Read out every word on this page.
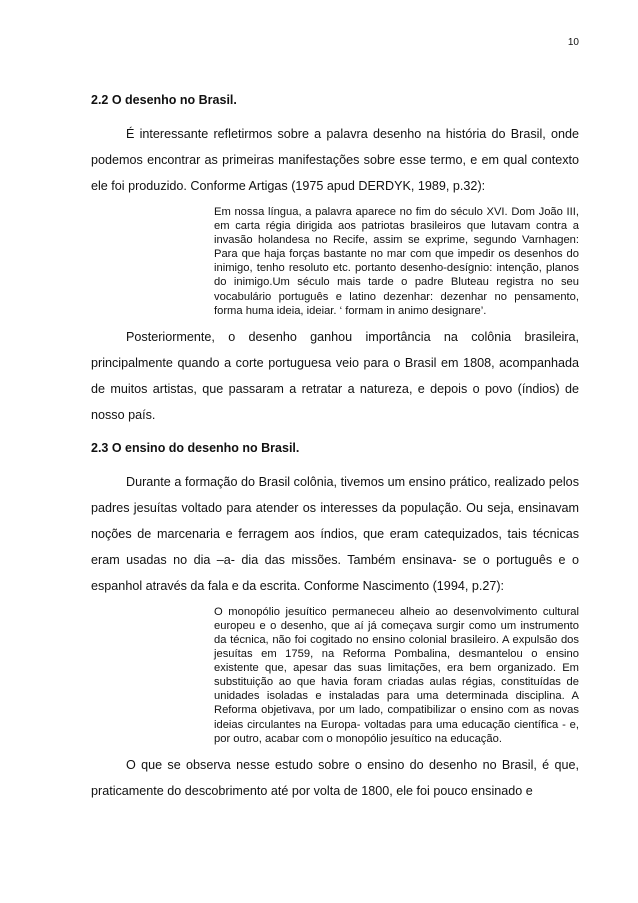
10
2.2 O desenho no Brasil.

É interessante refletirmos sobre a palavra desenho na história do Brasil, onde podemos encontrar as primeiras manifestações sobre esse termo, e em qual contexto ele foi produzido. Conforme Artigas (1975 apud DERDYK, 1989, p.32):

Em nossa língua, a palavra aparece no fim do século XVI. Dom João III, em carta régia dirigida aos patriotas brasileiros que lutavam contra a invasão holandesa no Recife, assim se exprime, segundo Varnhagen: Para que haja forças bastante no mar com que impedir os desenhos do inimigo, tenho resoluto etc. portanto desenho-desígnio: intenção, planos do inimigo.Um século mais tarde o padre Bluteau registra no seu vocabulário português e latino dezenhar: dezenhar no pensamento, forma huma ideia, ideiar. ‘ formam in animo designare’.

Posteriormente, o desenho ganhou importância na colônia brasileira, principalmente quando a corte portuguesa veio para o Brasil em 1808, acompanhada de muitos artistas, que passaram a retratar a natureza, e depois o povo (índios) de nosso país.

2.3 O ensino do desenho no Brasil.

Durante a formação do Brasil colônia, tivemos um ensino prático, realizado pelos padres jesuítas voltado para atender os interesses da população. Ou seja, ensinavam noções de marcenaria e ferragem aos índios, que eram catequizados, tais técnicas eram usadas no dia –a- dia das missões. Também ensinava- se o português e o espanhol através da fala e da escrita. Conforme Nascimento (1994, p.27):

O monopólio jesuítico permaneceu alheio ao desenvolvimento cultural europeu e o desenho, que aí já começava surgir como um instrumento da técnica, não foi cogitado no ensino colonial brasileiro. A expulsão dos jesuítas em 1759, na Reforma Pombalina, desmantelou o ensino existente que, apesar das suas limitações, era bem organizado. Em substituição ao que havia foram criadas aulas régias, constituídas de unidades isoladas e instaladas para uma determinada disciplina. A Reforma objetivava, por um lado, compatibilizar o ensino com as novas ideias circulantes na Europa- voltadas para uma educação científica - e, por outro, acabar com o monopólio jesuítico na educação.

O que se observa nesse estudo sobre o ensino do desenho no Brasil, é que, praticamente do descobrimento até por volta de 1800, ele foi pouco ensinado e
